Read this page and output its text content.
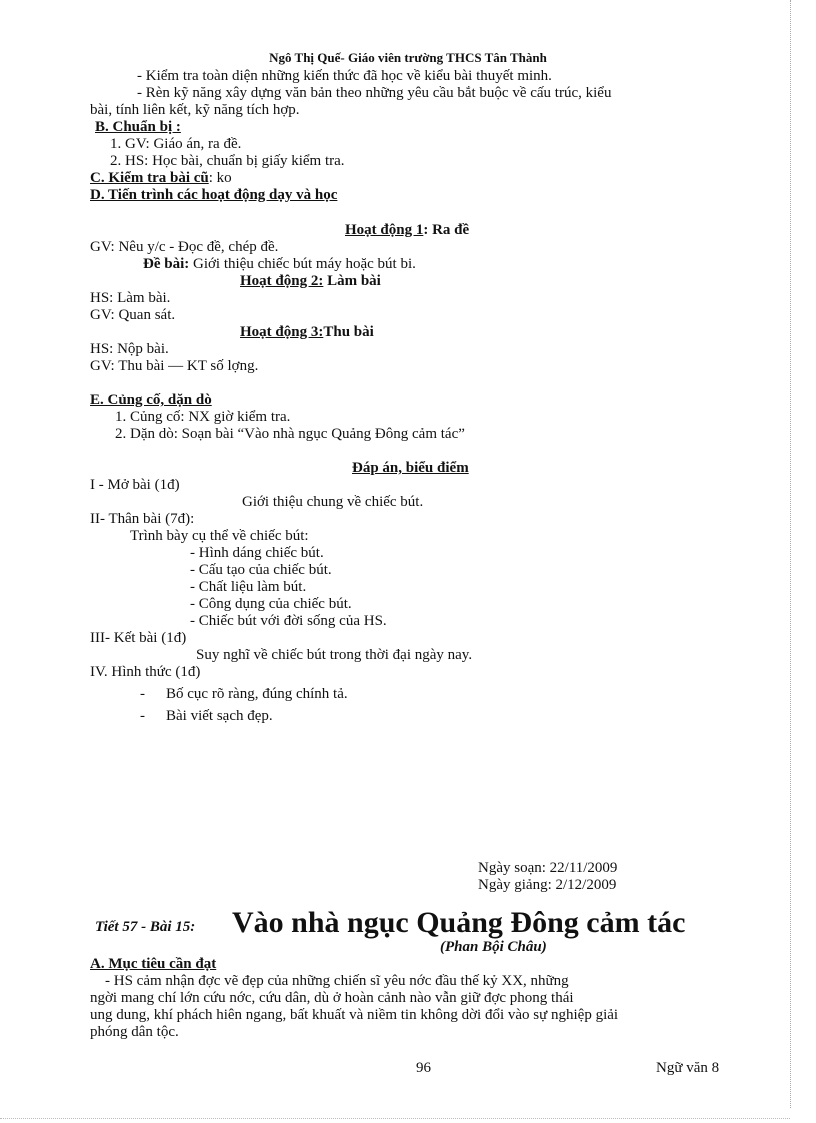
Ngô Thị Quế- Giáo viên trường THCS Tân Thành
- Kiểm tra toàn diện những kiến thức đã học về kiểu bài thuyết minh.
- Rèn kỹ năng xây dựng văn bản theo những yêu cầu bắt buộc về cấu trúc, kiểu
bài, tính liên kết, kỹ năng tích hợp.
B. Chuẩn bị :
1. GV: Giáo án, ra đề.
2. HS: Học bài, chuẩn bị giấy kiểm tra.
C. Kiểm tra bài cũ: ko
D. Tiến trình các hoạt động dạy và học
Hoạt động 1: Ra đề
GV: Nêu y/c - Đọc đề, chép đề.
Đề bài: Giới thiệu chiếc bút máy hoặc bút bi.
Hoạt động 2: Làm bài
HS: Làm bài.
GV: Quan sát.
Hoạt động 3:Thu bài
HS: Nộp bài.
GV: Thu bài — KT số lợng.
E. Củng cố, dặn dò
1. Củng cố: NX giờ kiểm tra.
2. Dặn dò: Soạn bài “Vào nhà ngục Quảng Đông cảm tác”
Đáp án, biểu điểm
I - Mở bài (1đ)
Giới thiệu chung về chiếc bút.
II- Thân bài (7đ):
Trình bày cụ thể về chiếc bút:
- Hình dáng chiếc bút.
- Cấu tạo của chiếc bút.
- Chất liệu làm bút.
- Công dụng của chiếc bút.
- Chiếc bút với đời sống của HS.
III- Kết bài (1đ)
Suy nghĩ về chiếc bút trong thời đại ngày nay.
IV. Hình thức (1đ)
- Bố cục rõ ràng, đúng chính tả.
- Bài viết sạch đẹp.
Ngày soạn: 22/11/2009
Ngày giảng: 2/12/2009
Tiết 57 - Bài 15: Vào nhà ngục Quảng Đông cảm tác
(Phan Bội Châu)
A. Mục tiêu cần đạt
- HS cảm nhận đợc vẽ đẹp của những chiến sĩ yêu nớc đầu thế kỷ XX, những
ngời mang chí lớn cứu nớc, cứu dân, dù ở hoàn cảnh nào vẫn giữ đợc phong thái
ung dung, khí phách hiên ngang, bất khuất và niềm tin không dời đổi vào sự nghiệp giải
phóng dân tộc.
96	Ngữ văn 8
